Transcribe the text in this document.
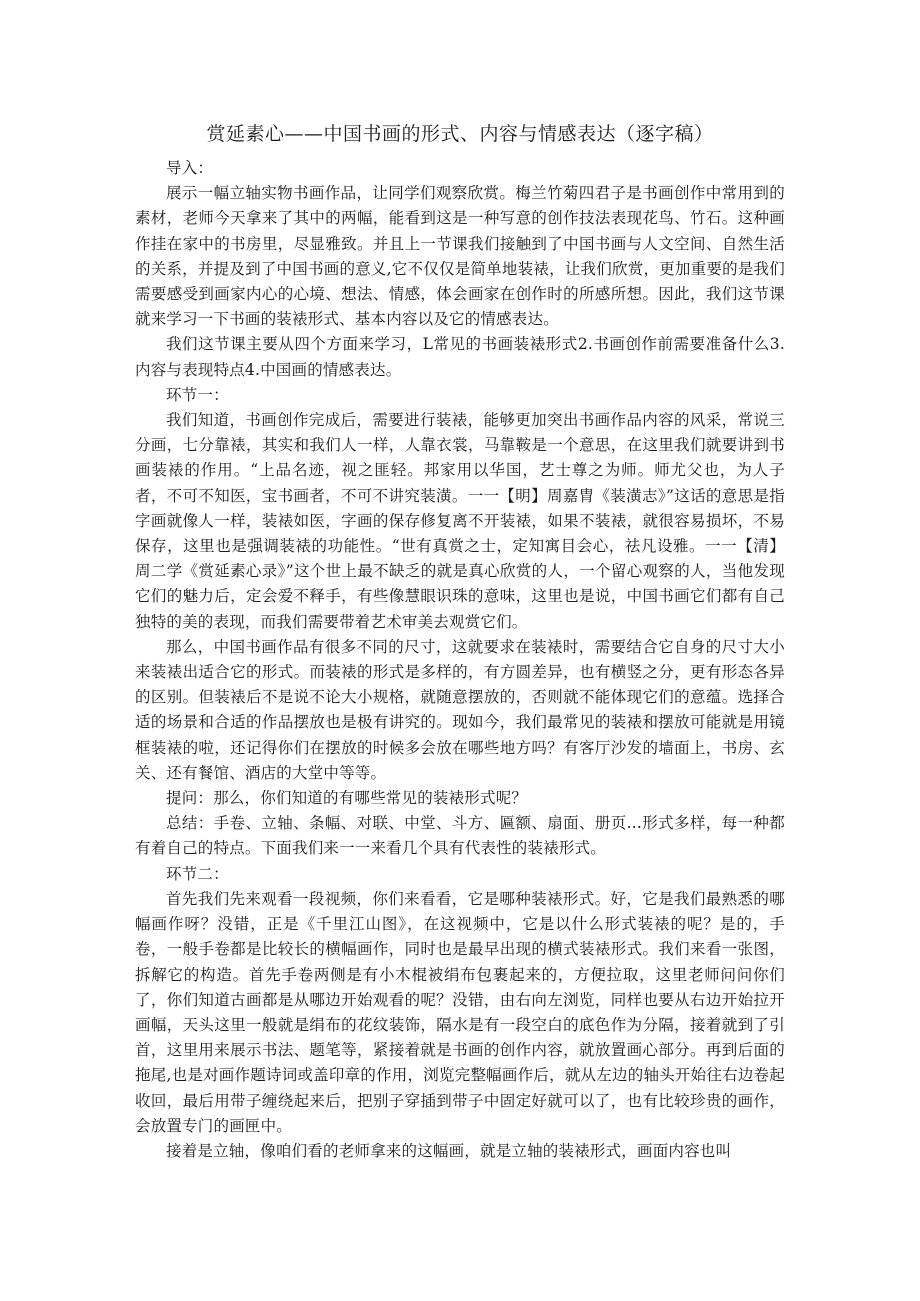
赏延素心——中国书画的形式、内容与情感表达（逐字稿）

导入：

展示一幅立轴实物书画作品，让同学们观察欣赏。梅兰竹菊四君子是书画创作中常用到的素材，老师今天拿来了其中的两幅，能看到这是一种写意的创作技法表现花鸟、竹石。这种画作挂在家中的书房里，尽显雅致。并且上一节课我们接触到了中国书画与人文空间、自然生活的关系，并提及到了中国书画的意义,它不仅仅是简单地装裱，让我们欣赏，更加重要的是我们需要感受到画家内心的心境、想法、情感，体会画家在创作时的所感所想。因此，我们这节课就来学习一下书画的装裱形式、基本内容以及它的情感表达。

我们这节课主要从四个方面来学习，L常见的书画装裱形式2.书画创作前需要准备什么3.内容与表现特点4.中国画的情感表达。

环节一：

我们知道，书画创作完成后，需要进行装裱，能够更加突出书画作品内容的风采，常说三分画，七分靠裱，其实和我们人一样，人靠衣裳，马靠鞍是一个意思，在这里我们就要讲到书画装裱的作用。“上品名迹，视之匪轻。邦家用以华国，艺士尊之为师。师尤父也，为人子者，不可不知医，宝书画者，不可不讲究装潢。一一【明】周嘉胄《装潢志》”这话的意思是指字画就像人一样，装裱如医，字画的保存修复离不开装裱，如果不装裱，就很容易损坏，不易保存，这里也是强调装裱的功能性。“世有真赏之士，定知寓目会心，祛凡设雅。一一【清】周二学《赏延素心录》”这个世上最不缺乏的就是真心欣赏的人，一个留心观察的人，当他发现它们的魅力后，定会爱不释手，有些像慧眼识珠的意味，这里也是说，中国书画它们都有自己独特的美的表现，而我们需要带着艺术审美去观赏它们。

那么，中国书画作品有很多不同的尺寸，这就要求在装裱时，需要结合它自身的尺寸大小来装裱出适合它的形式。而装裱的形式是多样的，有方圆差异，也有横竖之分，更有形态各异的区别。但装裱后不是说不论大小规格，就随意摆放的，否则就不能体现它们的意蕴。选择合适的场景和合适的作品摆放也是极有讲究的。现如今，我们最常见的装裱和摆放可能就是用镜框装裱的啦，还记得你们在摆放的时候多会放在哪些地方吗？有客厅沙发的墙面上，书房、玄关、还有餐馆、酒店的大堂中等等。

提问：那么，你们知道的有哪些常见的装裱形式呢？

总结：手卷、立轴、条幅、对联、中堂、斗方、匾额、扇面、册页...形式多样，每一种都有着自己的特点。下面我们来一一来看几个具有代表性的装裱形式。

环节二：

首先我们先来观看一段视频，你们来看看，它是哪种装裱形式。好，它是我们最熟悉的哪幅画作呀？没错，正是《千里江山图》，在这视频中，它是以什么形式装裱的呢？是的，手卷，一般手卷都是比较长的横幅画作，同时也是最早出现的横式装裱形式。我们来看一张图，拆解它的构造。首先手卷两侧是有小木棍被绢布包裹起来的，方便拉取，这里老师问问你们了，你们知道古画都是从哪边开始观看的呢？没错，由右向左浏览，同样也要从右边开始拉开画幅，天头这里一般就是绢布的花纹装饰，隔水是有一段空白的底色作为分隔，接着就到了引首，这里用来展示书法、题笔等，紧接着就是书画的创作内容，就放置画心部分。再到后面的拖尾,也是对画作题诗词或盖印章的作用，浏览完整幅画作后，就从左边的轴头开始往右边卷起收回，最后用带子缠绕起来后，把别子穿插到带子中固定好就可以了，也有比较珍贵的画作，会放置专门的画匣中。

接着是立轴，像咱们看的老师拿来的这幅画，就是立轴的装裱形式，画面内容也叫
